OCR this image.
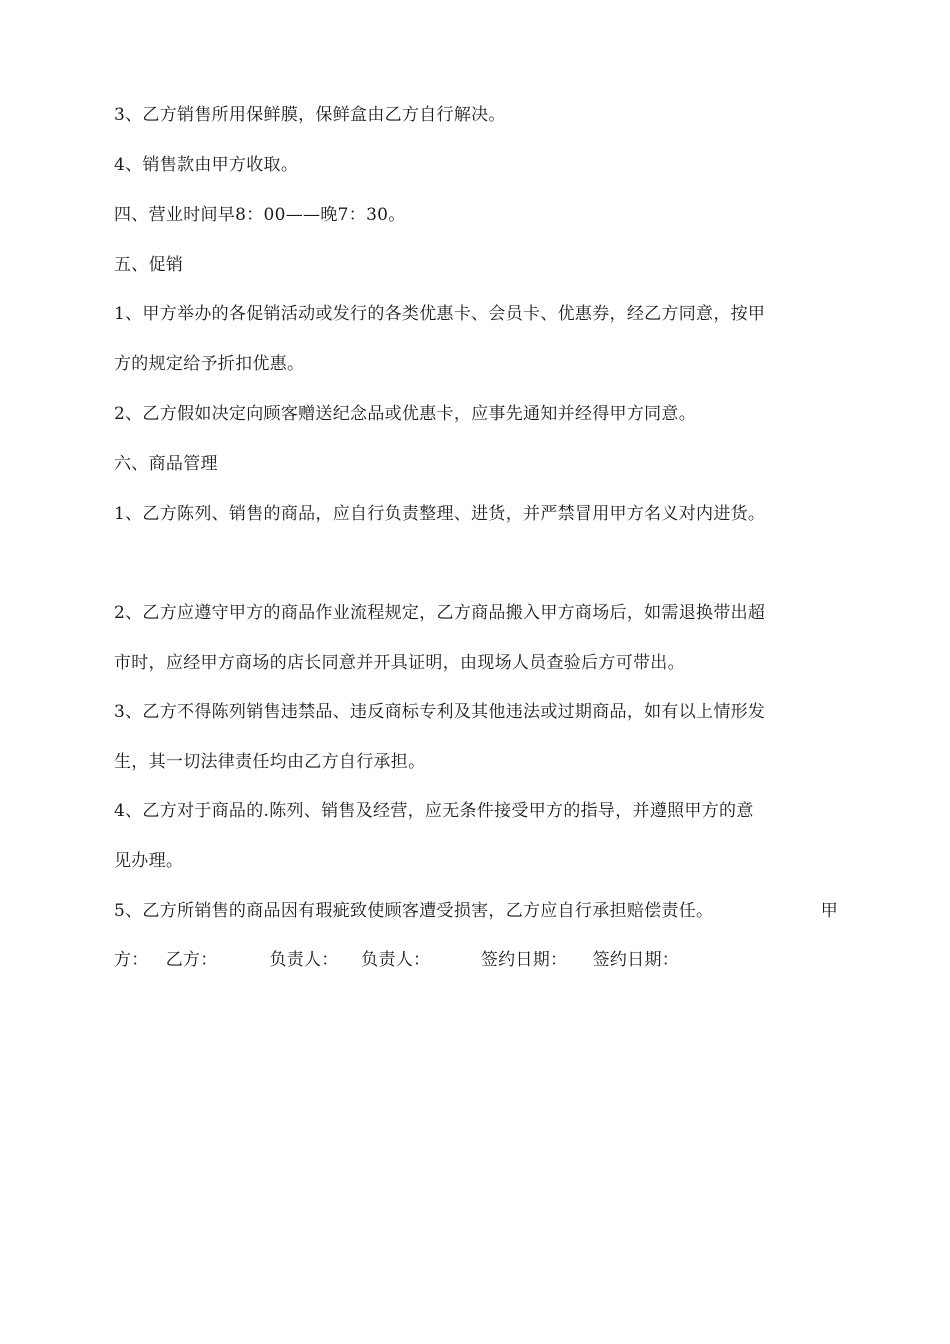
3、乙方销售所用保鲜膜，保鲜盒由乙方自行解决。
4、销售款由甲方收取。
四、营业时间早8：00——晚7：30。
五、促销
1、甲方举办的各促销活动或发行的各类优惠卡、会员卡、优惠券，经乙方同意，按甲
方的规定给予折扣优惠。
2、乙方假如决定向顾客赠送纪念品或优惠卡，应事先通知并经得甲方同意。
六、商品管理
1、乙方陈列、销售的商品，应自行负责整理、进货，并严禁冒用甲方名义对内进货。
2、乙方应遵守甲方的商品作业流程规定，乙方商品搬入甲方商场后，如需退换带出超
市时，应经甲方商场的店长同意并开具证明，由现场人员查验后方可带出。
3、乙方不得陈列销售违禁品、违反商标专利及其他违法或过期商品，如有以上情形发
生，其一切法律责任均由乙方自行承担。
4、乙方对于商品的.陈列、销售及经营，应无条件接受甲方的指导，并遵照甲方的意
见办理。
5、乙方所销售的商品因有瑕疵致使顾客遭受损害，乙方应自行承担赔偿责任。	甲
方： 乙方：	负责人： 负责人：	签约日期： 签约日期：
